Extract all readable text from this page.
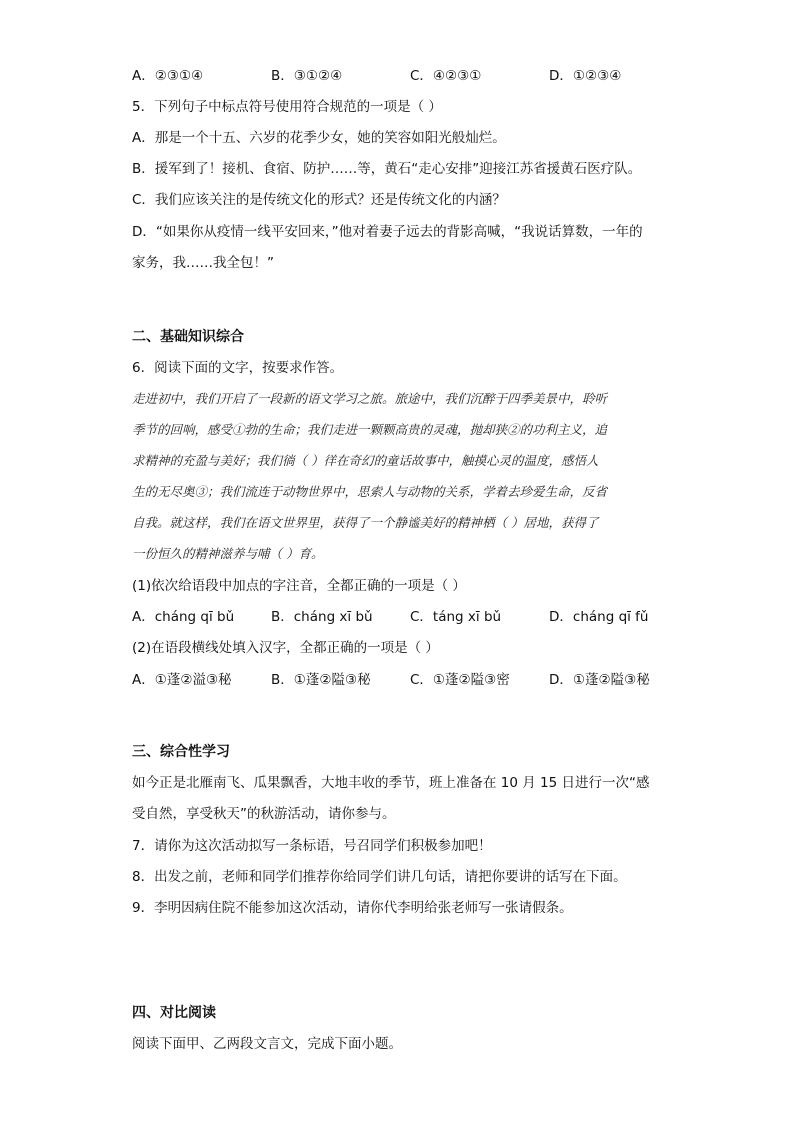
A．②③①④	B．③①②④	C．④②③①	D．①②③④
5．下列句子中标点符号使用符合规范的一项是（ ）
A．那是一个十五、六岁的花季少女，她的笑容如阳光般灿烂。
B．援军到了！接机、食宿、防护……等，黄石“走心安排”迎接江苏省援黄石医疗队。
C．我们应该关注的是传统文化的形式？还是传统文化的内涵？
D．“如果你从疫情一线平安回来，”他对着妻子远去的背影高喊，“我说话算数，一年的
家务，我……我全包！”
二、基础知识综合
6．阅读下面的文字，按要求作答。
走进初中，我们开启了一段新的语文学习之旅。旅途中，我们沉醉于四季美景中，聆听
季节的回响，感受①勃的生命；我们走进一颗颗高贵的灵魂，抛却狭②的功利主义，追
求精神的充盈与美好；我们徜（ ）徉在奇幻的童话故事中，触摸心灵的温度，感悟人
生的无尽奥③；我们流连于动物世界中，思索人与动物的关系，学着去珍爱生命，反省
自我。就这样，我们在语文世界里，获得了一个静谧美好的精神栖（ ）居地，获得了
一份恒久的精神滋养与哺（ ）育。
(1)依次给语段中加点的字注音，全都正确的一项是（ ）
A．cháng qī bǔ	B．cháng xī bǔ	C．táng xī bǔ	D．cháng qī fǔ
(2)在语段横线处填入汉字，全都正确的一项是（ ）
A．①蓬②溢③秘	B．①蓬②隘③秘	C．①蓬②隘③密	D．①蓬②隘③秘
三、综合性学习
如今正是北雁南飞、瓜果飘香，大地丰收的季节，班上准备在 10 月 15 日进行一次“感
受自然，享受秋天”的秋游活动，请你参与。
7．请你为这次活动拟写一条标语，号召同学们积极参加吧！
8．出发之前，老师和同学们推荐你给同学们讲几句话，请把你要讲的话写在下面。
9．李明因病住院不能参加这次活动，请你代李明给张老师写一张请假条。
四、对比阅读
阅读下面甲、乙两段文言文，完成下面小题。
